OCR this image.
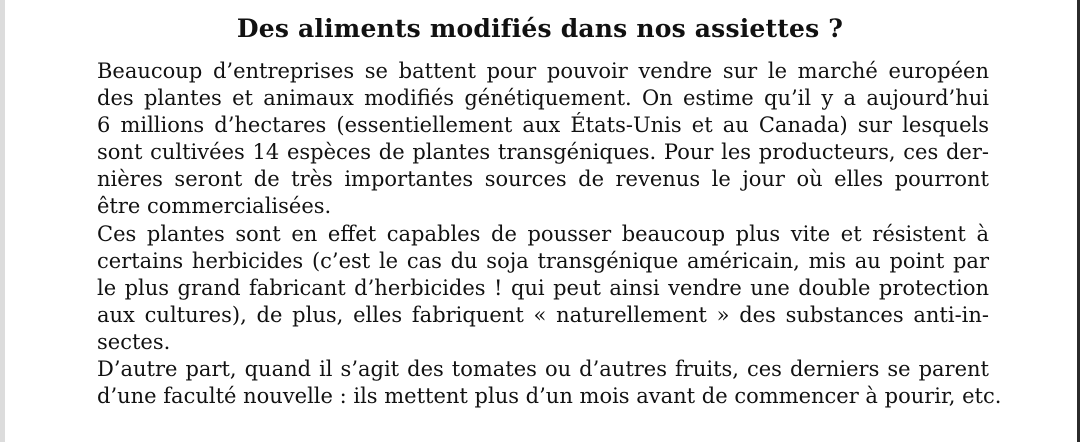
Des aliments modifiés dans nos assiettes ?
Beaucoup d’entreprises se battent pour pouvoir vendre sur le marché européen
des plantes et animaux modifiés génétiquement. On estime qu’il y a aujourd’hui
6 millions d’hectares (essentiellement aux États-Unis et au Canada) sur lesquels
sont cultivées 14 espèces de plantes transgéniques. Pour les producteurs, ces der-
nières seront de très importantes sources de revenus le jour où elles pourront
être commercialisées.
Ces plantes sont en effet capables de pousser beaucoup plus vite et résistent à
certains herbicides (c’est le cas du soja transgénique américain, mis au point par
le plus grand fabricant d’herbicides ! qui peut ainsi vendre une double protection
aux cultures), de plus, elles fabriquent « naturellement » des substances anti-in-
sectes.
D’autre part, quand il s’agit des tomates ou d’autres fruits, ces derniers se parent
d’une faculté nouvelle : ils mettent plus d’un mois avant de commencer à pourir, etc.
